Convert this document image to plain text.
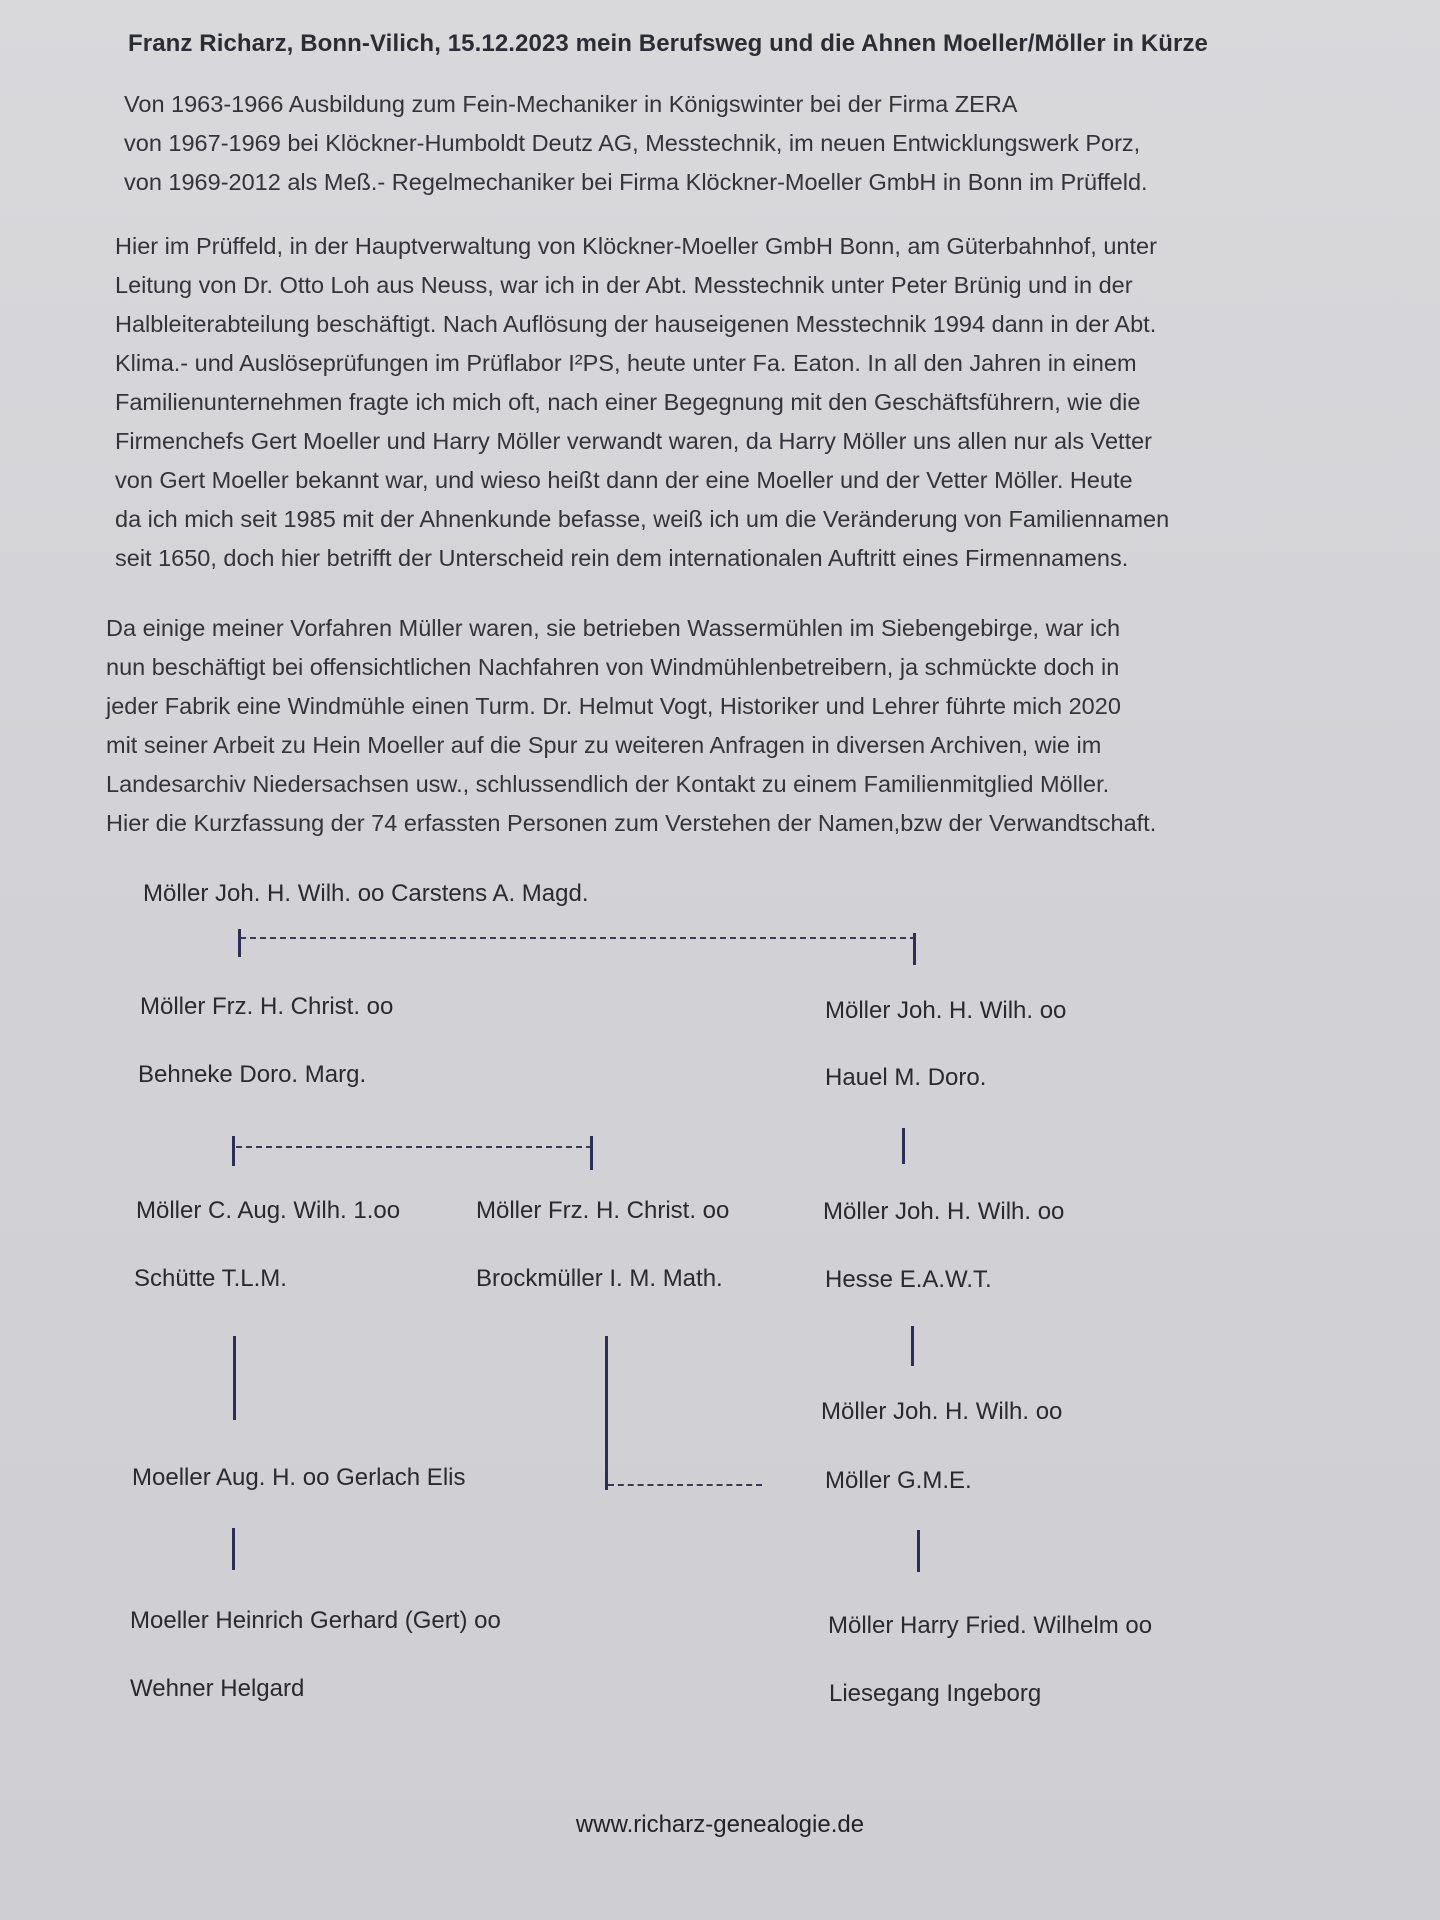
Franz Richarz, Bonn-Vilich, 15.12.2023 mein Berufsweg und die Ahnen Moeller/Möller in Kürze
Von 1963-1966 Ausbildung zum Fein-Mechaniker in Königswinter bei der Firma ZERA
von 1967-1969 bei Klöckner-Humboldt Deutz AG, Messtechnik, im neuen Entwicklungswerk Porz,
von 1969-2012 als Meß.- Regelmechaniker bei Firma Klöckner-Moeller GmbH in Bonn im Prüffeld.
Hier im Prüffeld, in der Hauptverwaltung von Klöckner-Moeller GmbH Bonn, am Güterbahnhof, unter
Leitung von Dr. Otto Loh aus Neuss, war ich in der Abt. Messtechnik unter Peter Brünig und in der
Halbleiterabteilung beschäftigt. Nach Auflösung der hauseigenen Messtechnik 1994 dann in der Abt.
Klima.- und Auslöseprüfungen im Prüflabor I²PS, heute unter Fa. Eaton. In all den Jahren in einem
Familienunternehmen fragte ich mich oft, nach einer Begegnung mit den Geschäftsführern, wie die
Firmenchefs Gert Moeller und Harry Möller verwandt waren, da Harry Möller uns allen nur als Vetter
von Gert Moeller bekannt war, und wieso heißt dann der eine Moeller und der Vetter Möller. Heute
da ich mich seit 1985 mit der Ahnenkunde befasse, weiß ich um die Veränderung von Familiennamen
seit 1650, doch hier betrifft der Unterscheid rein dem internationalen Auftritt eines Firmennamens.
Da einige meiner Vorfahren Müller waren, sie betrieben Wassermühlen im Siebengebirge, war ich
nun beschäftigt bei offensichtlichen Nachfahren von Windmühlenbetreibern, ja schmückte doch in
jeder Fabrik eine Windmühle einen Turm. Dr. Helmut Vogt, Historiker und Lehrer führte mich 2020
mit seiner Arbeit zu Hein Moeller auf die Spur zu weiteren Anfragen in diversen Archiven, wie im
Landesarchiv Niedersachsen usw., schlussendlich der Kontakt zu einem Familienmitglied Möller.
Hier die Kurzfassung der 74 erfassten Personen zum Verstehen der Namen,bzw der Verwandtschaft.
Möller Joh. H. Wilh. oo Carstens A. Magd.
Möller Frz. H. Christ. oo
Behneke Doro. Marg.
Möller Joh. H. Wilh. oo
Hauel M. Doro.
Möller C. Aug. Wilh. 1.oo
Schütte T.L.M.
Möller Frz. H. Christ. oo
Brockmüller I. M. Math.
Möller Joh. H. Wilh. oo
Hesse E.A.W.T.
Möller Joh. H. Wilh. oo
Möller G.M.E.
Moeller Aug. H. oo Gerlach Elis
Moeller Heinrich Gerhard (Gert) oo
Wehner Helgard
Möller Harry Fried. Wilhelm oo
Liesegang Ingeborg
www.richarz-genealogie.de
